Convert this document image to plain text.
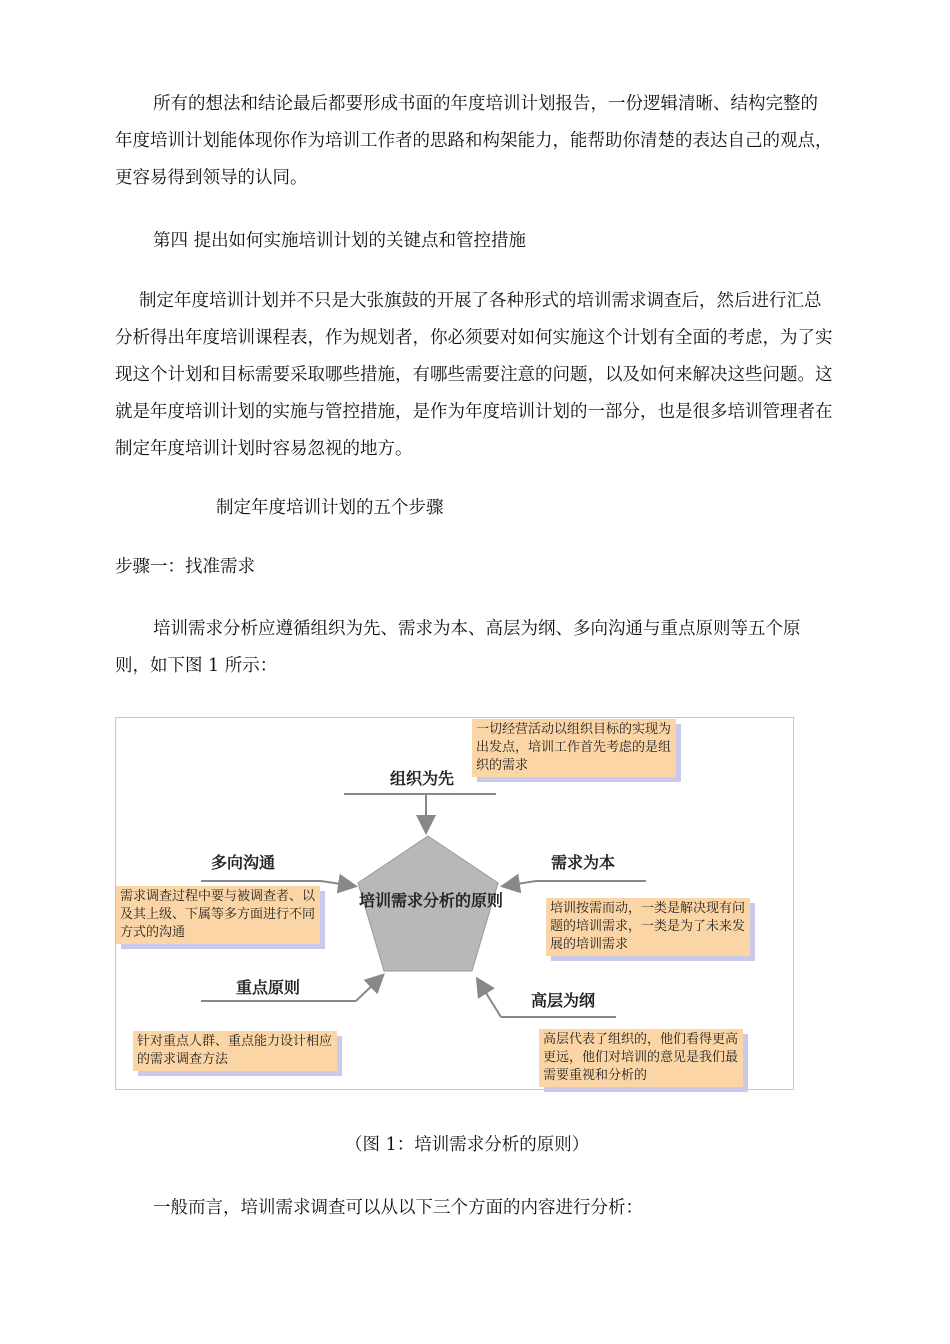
所有的想法和结论最后都要形成书面的年度培训计划报告，一份逻辑清晰、结构完整的年度培训计划能体现你作为培训工作者的思路和构架能力，能帮助你清楚的表达自己的观点，更容易得到领导的认同。

第四 提出如何实施培训计划的关键点和管控措施

制定年度培训计划并不只是大张旗鼓的开展了各种形式的培训需求调查后，然后进行汇总分析得出年度培训课程表，作为规划者，你必须要对如何实施这个计划有全面的考虑，为了实现这个计划和目标需要采取哪些措施，有哪些需要注意的问题，以及如何来解决这些问题。这就是年度培训计划的实施与管控措施，是作为年度培训计划的一部分，也是很多培训管理者在制定年度培训计划时容易忽视的地方。

制定年度培训计划的五个步骤
步骤一：找准需求

培训需求分析应遵循组织为先、需求为本、高层为纲、多向沟通与重点原则等五个原则，如下图 1 所示：

组织为先
需求为本
多向沟通
重点原则
高层为纲
培训需求分析的原则
一切经营活动以组织目标的实现为出发点，培训工作首先考虑的是组织的需求
培训按需而动，一类是解决现有问题的培训需求，一类是为了未来发展的培训需求
需求调查过程中要与被调查者、以及其上级、下属等多方面进行不同方式的沟通
针对重点人群、重点能力设计相应的需求调查方法
高层代表了组织的，他们看得更高更远，他们对培训的意见是我们最需要重视和分析的
（图 1：培训需求分析的原则）

一般而言，培训需求调查可以从以下三个方面的内容进行分析：
